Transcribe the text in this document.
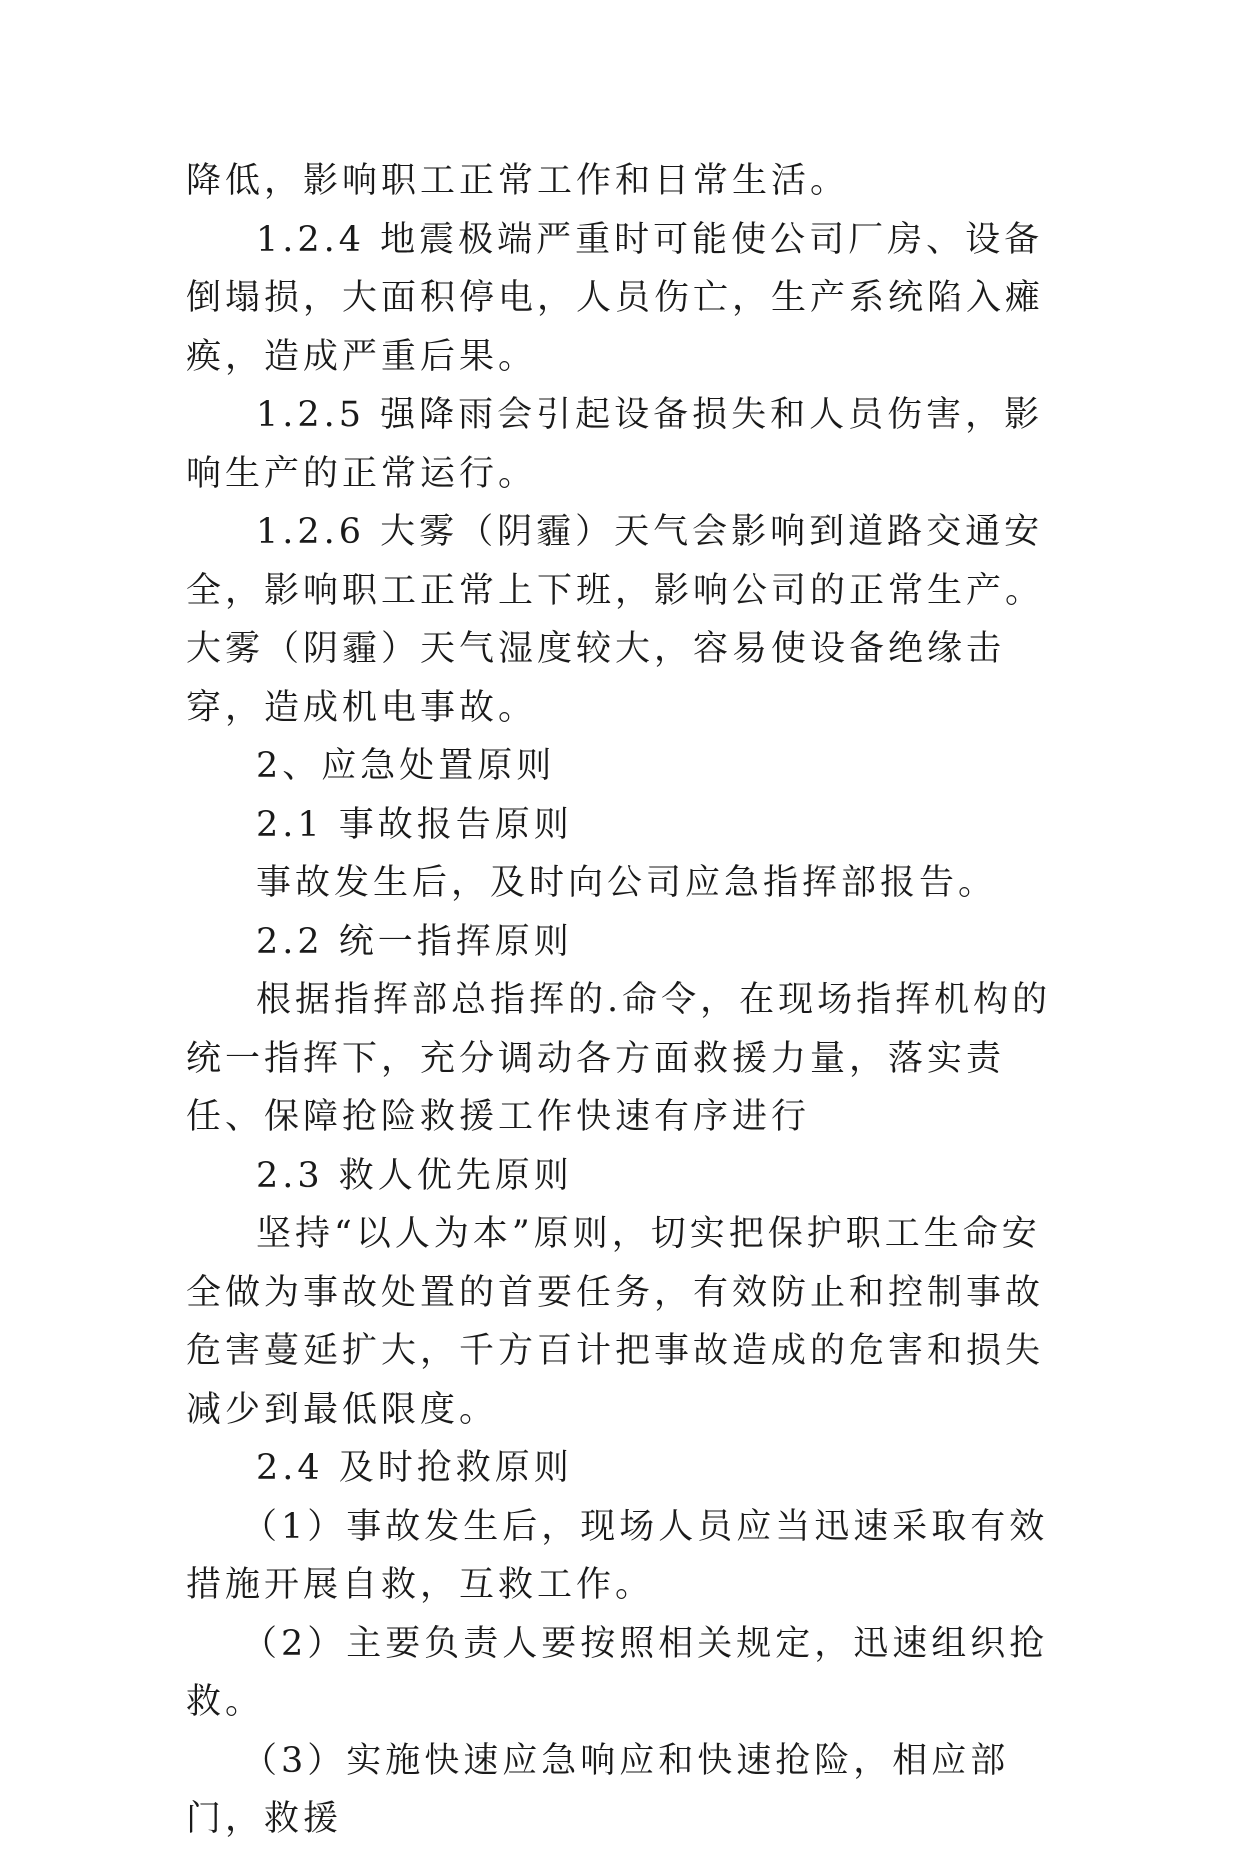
降低，影响职工正常工作和日常生活。

1.2.4 地震极端严重时可能使公司厂房、设备倒塌损，大面积停电，人员伤亡，生产系统陷入瘫痪，造成严重后果。

1.2.5 强降雨会引起设备损失和人员伤害，影响生产的正常运行。

1.2.6 大雾（阴霾）天气会影响到道路交通安全，影响职工正常上下班，影响公司的正常生产。大雾（阴霾）天气湿度较大，容易使设备绝缘击穿，造成机电事故。

2、应急处置原则

2.1 事故报告原则

事故发生后，及时向公司应急指挥部报告。

2.2 统一指挥原则

根据指挥部总指挥的.命令，在现场指挥机构的统一指挥下，充分调动各方面救援力量，落实责任、保障抢险救援工作快速有序进行

2.3 救人优先原则

坚持“以人为本”原则，切实把保护职工生命安全做为事故处置的首要任务，有效防止和控制事故危害蔓延扩大，千方百计把事故造成的危害和损失减少到最低限度。

2.4 及时抢救原则

（1）事故发生后，现场人员应当迅速采取有效措施开展自救，互救工作。

（2）主要负责人要按照相关规定，迅速组织抢救。

（3）实施快速应急响应和快速抢险，相应部门，救援
